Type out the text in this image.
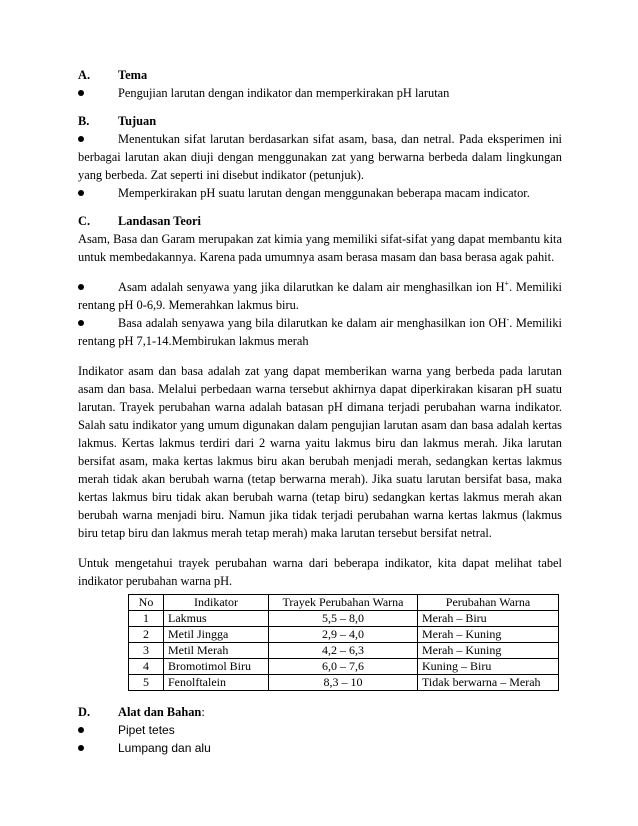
A.	Tema
Pengujian larutan dengan indikator dan memperkirakan pH larutan
B.	Tujuan
Menentukan sifat larutan berdasarkan sifat asam, basa, dan netral. Pada eksperimen ini berbagai larutan akan diuji dengan menggunakan zat yang berwarna berbeda dalam lingkungan yang berbeda. Zat seperti ini disebut indikator (petunjuk).
Memperkirakan pH suatu larutan dengan menggunakan beberapa macam indicator.
C.	Landasan Teori
Asam, Basa dan Garam merupakan zat kimia yang memiliki sifat-sifat yang dapat membantu kita untuk membedakannya. Karena pada umumnya asam berasa masam dan basa berasa agak pahit.
Asam adalah senyawa yang jika dilarutkan ke dalam air menghasilkan ion H+. Memiliki rentang pH 0-6,9. Memerahkan lakmus biru.
Basa adalah senyawa yang bila dilarutkan ke dalam air menghasilkan ion OH-. Memiliki rentang pH 7,1-14.Membirukan lakmus merah
Indikator asam dan basa adalah zat yang dapat memberikan warna yang berbeda pada larutan asam dan basa. Melalui perbedaan warna tersebut akhirnya dapat diperkirakan kisaran pH suatu larutan. Trayek perubahan warna adalah batasan pH dimana terjadi perubahan warna indikator. Salah satu indikator yang umum digunakan dalam pengujian larutan asam dan basa adalah kertas lakmus. Kertas lakmus terdiri dari 2 warna yaitu lakmus biru dan lakmus merah. Jika larutan bersifat asam, maka kertas lakmus biru akan berubah menjadi merah, sedangkan kertas lakmus merah tidak akan berubah warna (tetap berwarna merah). Jika suatu larutan bersifat basa, maka kertas lakmus biru tidak akan berubah warna (tetap biru) sedangkan kertas lakmus merah akan berubah warna menjadi biru. Namun jika tidak terjadi perubahan warna kertas lakmus (lakmus biru tetap biru dan lakmus merah tetap merah) maka larutan tersebut bersifat netral.
Untuk mengetahui trayek perubahan warna dari beberapa indikator, kita dapat melihat tabel indikator perubahan warna pH.
No	Indikator	Trayek Perubahan Warna	Perubahan Warna
1	Lakmus	5,5 – 8,0	Merah – Biru
2	Metil Jingga	2,9 – 4,0	Merah – Kuning
3	Metil Merah	4,2 – 6,3	Merah – Kuning
4	Bromotimol Biru	6,0 – 7,6	Kuning – Biru
5	Fenolftalein	8,3 – 10	Tidak berwarna – Merah
D.	Alat dan Bahan :
Pipet tetes
Lumpang dan alu
